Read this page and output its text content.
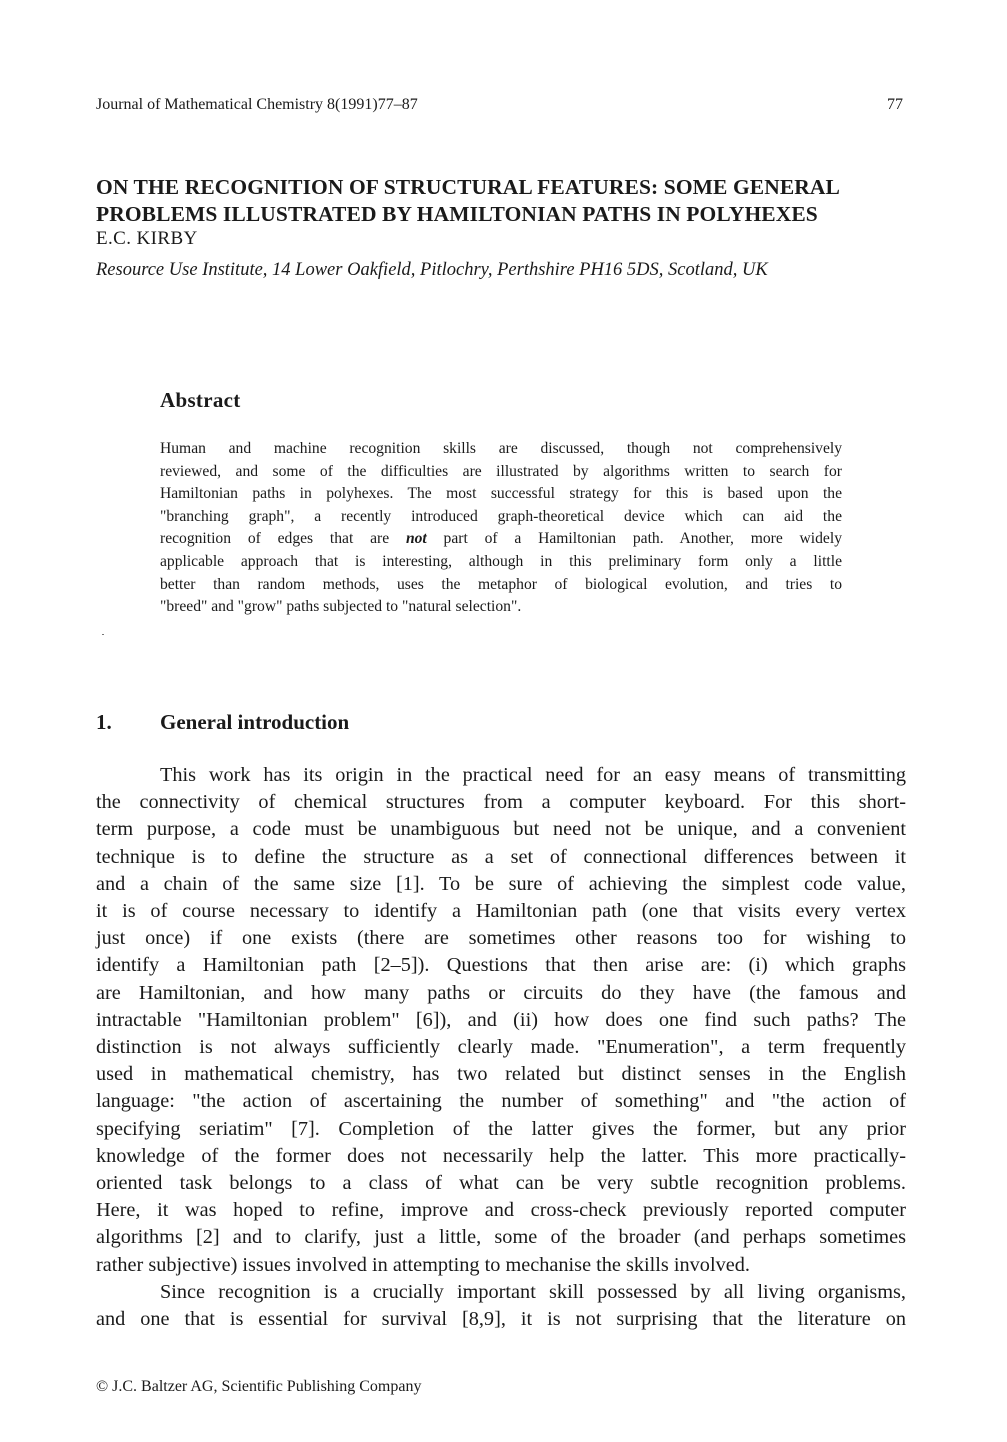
Journal of Mathematical Chemistry 8(1991)77–87	77
ON THE RECOGNITION OF STRUCTURAL FEATURES: SOME GENERAL
PROBLEMS ILLUSTRATED BY HAMILTONIAN PATHS IN POLYHEXES
E.C. KIRBY
Resource Use Institute, 14 Lower Oakfield, Pitlochry, Perthshire PH16 5DS, Scotland, UK
Abstract

Human and machine recognition skills are discussed, though not comprehensively
reviewed, and some of the difficulties are illustrated by algorithms written to search for
Hamiltonian paths in polyhexes. The most successful strategy for this is based upon the
"branching graph", a recently introduced graph-theoretical device which can aid the
recognition of edges that are not part of a Hamiltonian path. Another, more widely
applicable approach that is interesting, although in this preliminary form only a little
better than random methods, uses the metaphor of biological evolution, and tries to
"breed" and "grow" paths subjected to "natural selection".

1.	General introduction
This work has its origin in the practical need for an easy means of transmitting
the connectivity of chemical structures from a computer keyboard. For this short-
term purpose, a code must be unambiguous but need not be unique, and a convenient
technique is to define the structure as a set of connectional differences between it
and a chain of the same size [1]. To be sure of achieving the simplest code value,
it is of course necessary to identify a Hamiltonian path (one that visits every vertex
just once) if one exists (there are sometimes other reasons too for wishing to
identify a Hamiltonian path [2–5]). Questions that then arise are: (i) which graphs
are Hamiltonian, and how many paths or circuits do they have (the famous and
intractable "Hamiltonian problem" [6]), and (ii) how does one find such paths? The
distinction is not always sufficiently clearly made. "Enumeration", a term frequently
used in mathematical chemistry, has two related but distinct senses in the English
language: "the action of ascertaining the number of something" and "the action of
specifying seriatim" [7]. Completion of the latter gives the former, but any prior
knowledge of the former does not necessarily help the latter. This more practically-
oriented task belongs to a class of what can be very subtle recognition problems.
Here, it was hoped to refine, improve and cross-check previously reported computer
algorithms [2] and to clarify, just a little, some of the broader (and perhaps sometimes
rather subjective) issues involved in attempting to mechanise the skills involved.
Since recognition is a crucially important skill possessed by all living organisms,
and one that is essential for survival [8,9], it is not surprising that the literature on
© J.C. Baltzer AG, Scientific Publishing Company
